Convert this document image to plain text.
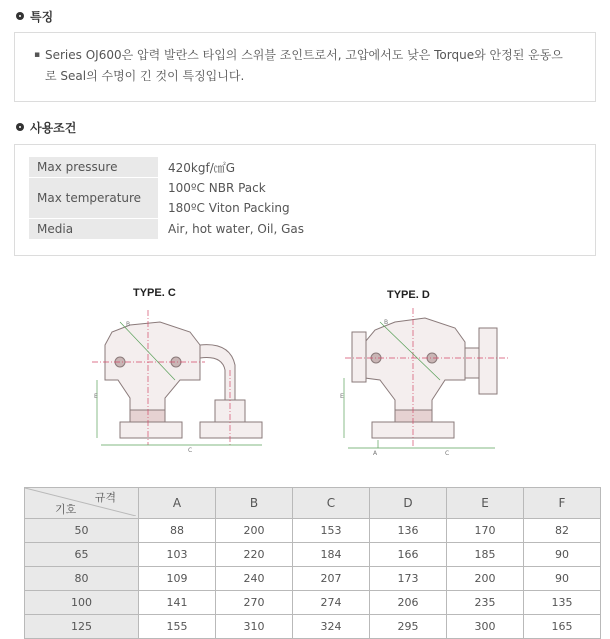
특징
▪ Series OJ600은 압력 발란스 타입의 스위블 조인트로서, 고압에서도 낮은 Torque와 안정된 운동으로 Seal의 수명이 긴 것이 특징입니다.
사용조건
Max pressure	420kgf/㎠G
Max temperature	100ºC NBR Pack
	180ºC Viton Packing
Media	Air, hot water, Oil, Gas
TYPE. C
E
C
B
TYPE. D
E
A	C
B
규격
기호	A	B	C	D	E	F
50	88	200	153	136	170	82
65	103	220	184	166	185	90
80	109	240	207	173	200	90
100	141	270	274	206	235	135
125	155	310	324	295	300	165
